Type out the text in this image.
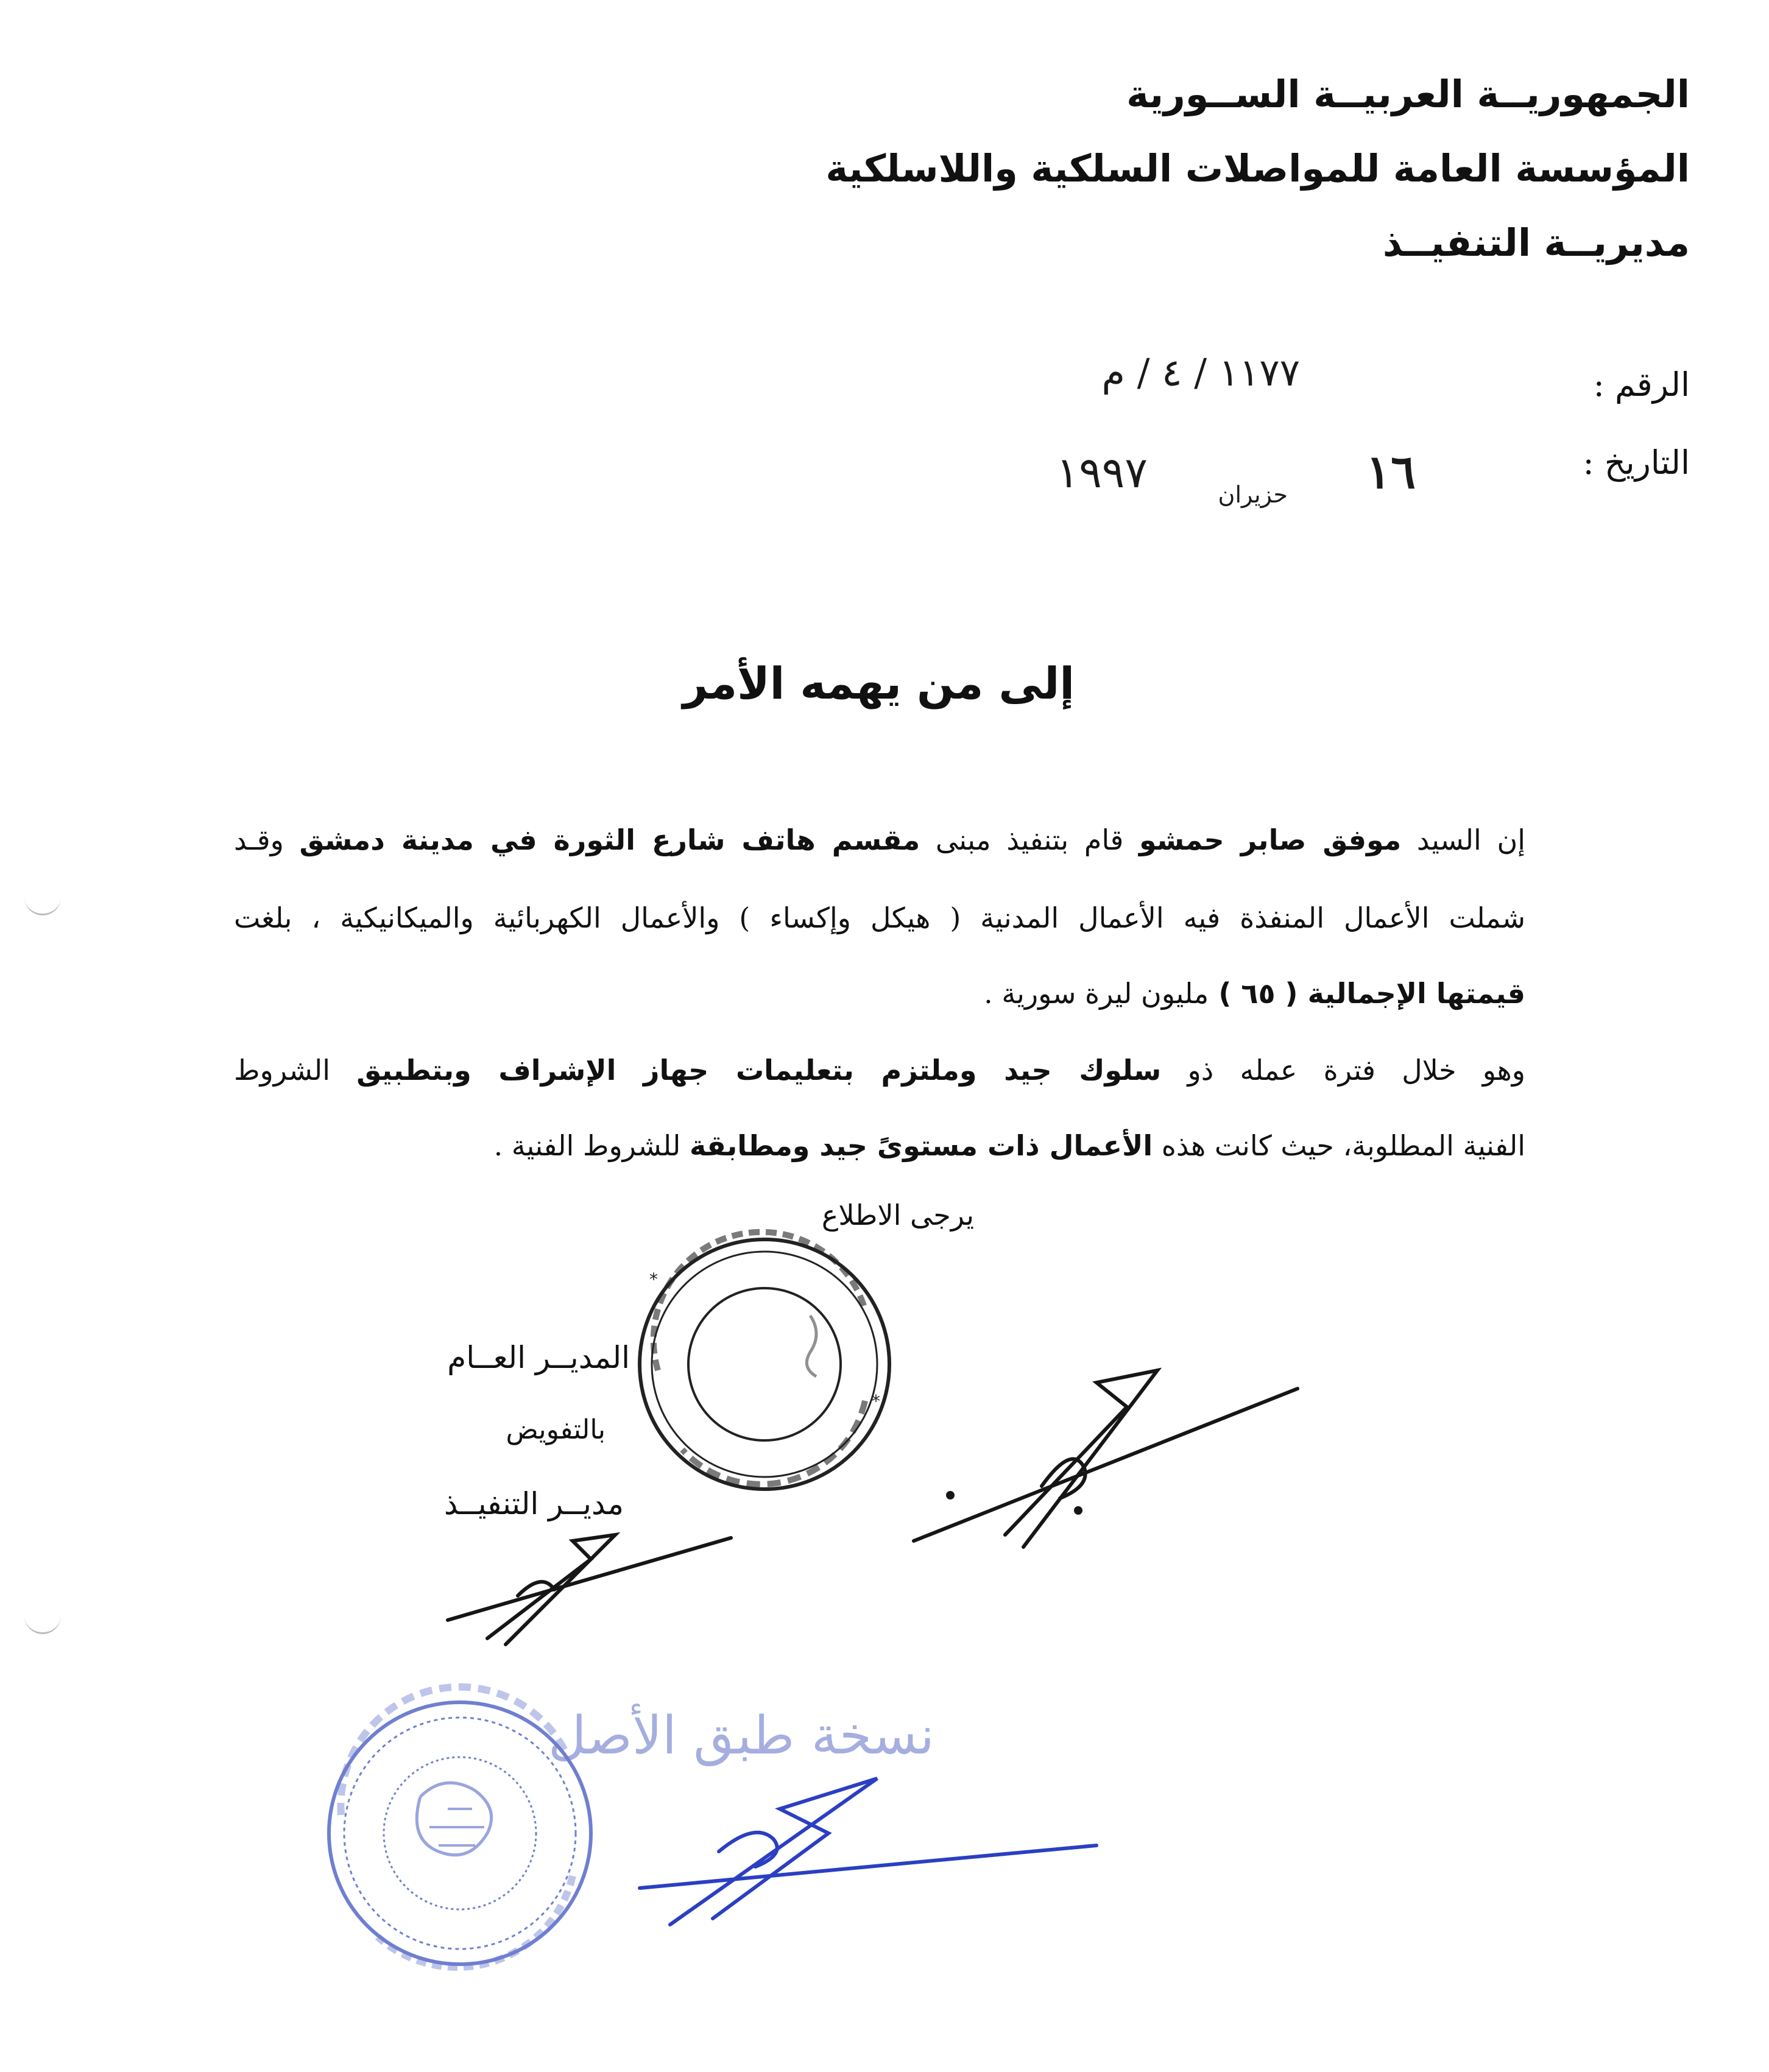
الجمهوريــة العربيــة الســورية
المؤسسة العامة للمواصلات السلكية واللاسلكية
مديريــة التنفيــذ
الرقم :
١١٧٧ / ٤ / م
التاريخ :
١٦
حزيران
١٩٩٧
إلى من يهمه الأمر
إن السيد موفق صابر حمشو قام بتنفيذ مبنى مقسم هاتف شارع الثورة في مدينة دمشق وقـد
شملت الأعمال المنفذة فيه الأعمال المدنية ( هيكل وإكساء ) والأعمال الكهربائية والميكانيكية ، بلغت
قيمتها الإجمالية ( ٦٥ ) مليون ليرة سورية .
وهو خلال فترة عمله ذو سلوك جيد وملتزم بتعليمات جهاز الإشراف وبتطبيق الشروط
الفنية المطلوبة، حيث كانت هذه الأعمال ذات مستوىً جيد ومطابقة للشروط الفنية .
يرجى الاطلاع
المديــر العــام
بالتفويض
مديــر التنفيــذ
نسخة طبق الأصل
*
*
